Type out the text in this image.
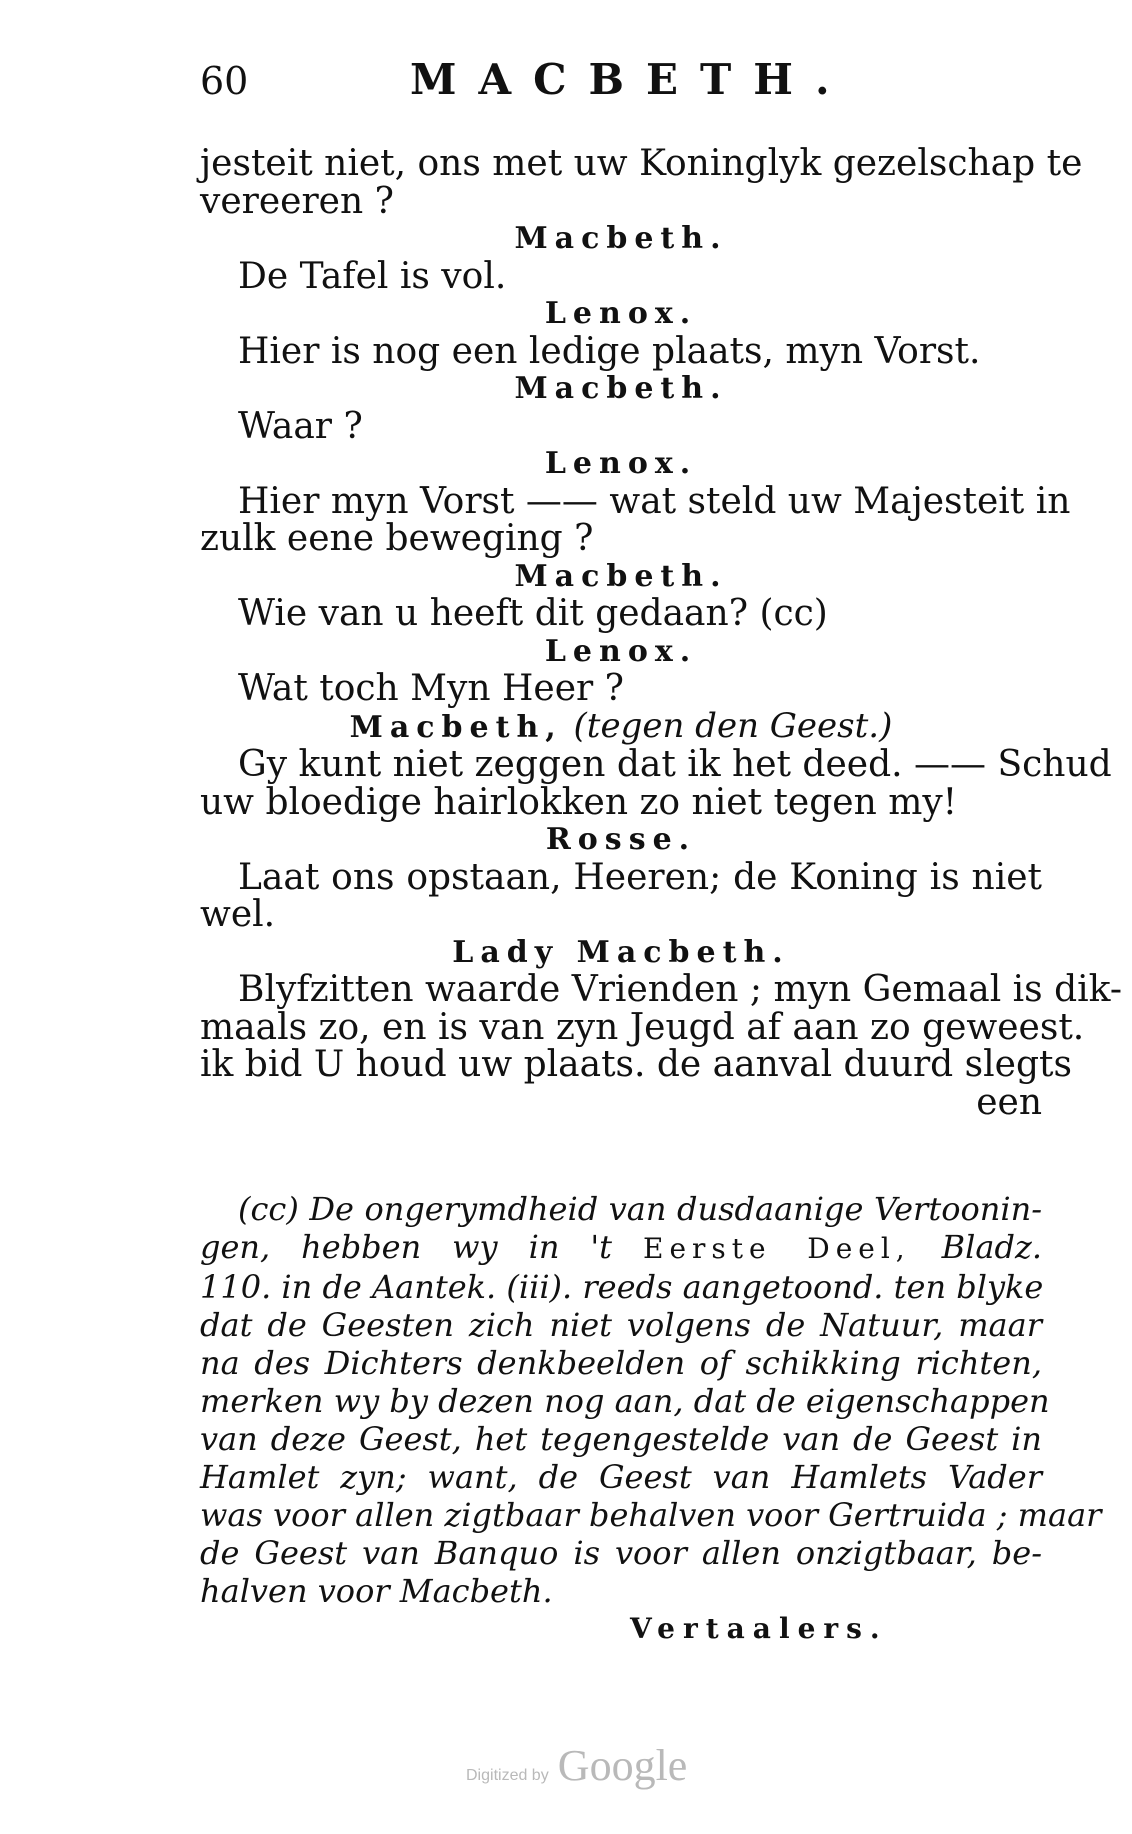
60	MACBETH.
jesteit niet, ons met uw Koninglyk gezelschap te
vereeren ?
Macbeth.
De Tafel is vol.
Lenox.
Hier is nog een ledige plaats, myn Vorst.
Macbeth.
Waar ?
Lenox.
Hier myn Vorst —— wat steld uw Majesteit in
zulk eene beweging ?
Macbeth.
Wie van u heeft dit gedaan? (cc)
Lenox.
Wat toch Myn Heer ?
Macbeth, (tegen den Geest.)
Gy kunt niet zeggen dat ik het deed. —— Schud
uw bloedige hairlokken zo niet tegen my!
Rosse.
Laat ons opstaan, Heeren; de Koning is niet
wel.
Lady Macbeth.
Blyfzitten waarde Vrienden ; myn Gemaal is dik-
maals zo, en is van zyn Jeugd af aan zo geweest.
ik bid U houd uw plaats. de aanval duurd slegts
een
(cc) De ongerymdheid van dusdaanige Vertoonin-
gen, hebben wy in 't Eerste Deel, Bladz.
110. in de Aantek. (iii). reeds aangetoond. ten blyke
dat de Geesten zich niet volgens de Natuur, maar
na des Dichters denkbeelden of schikking richten,
merken wy by dezen nog aan, dat de eigenschappen
van deze Geest, het tegengestelde van de Geest in
Hamlet zyn; want, de Geest van Hamlets Vader
was voor allen zigtbaar behalven voor Gertruida ; maar
de Geest van Banquo is voor allen onzigtbaar, be-
halven voor Macbeth.
Vertaalers.
Digitized by Google
